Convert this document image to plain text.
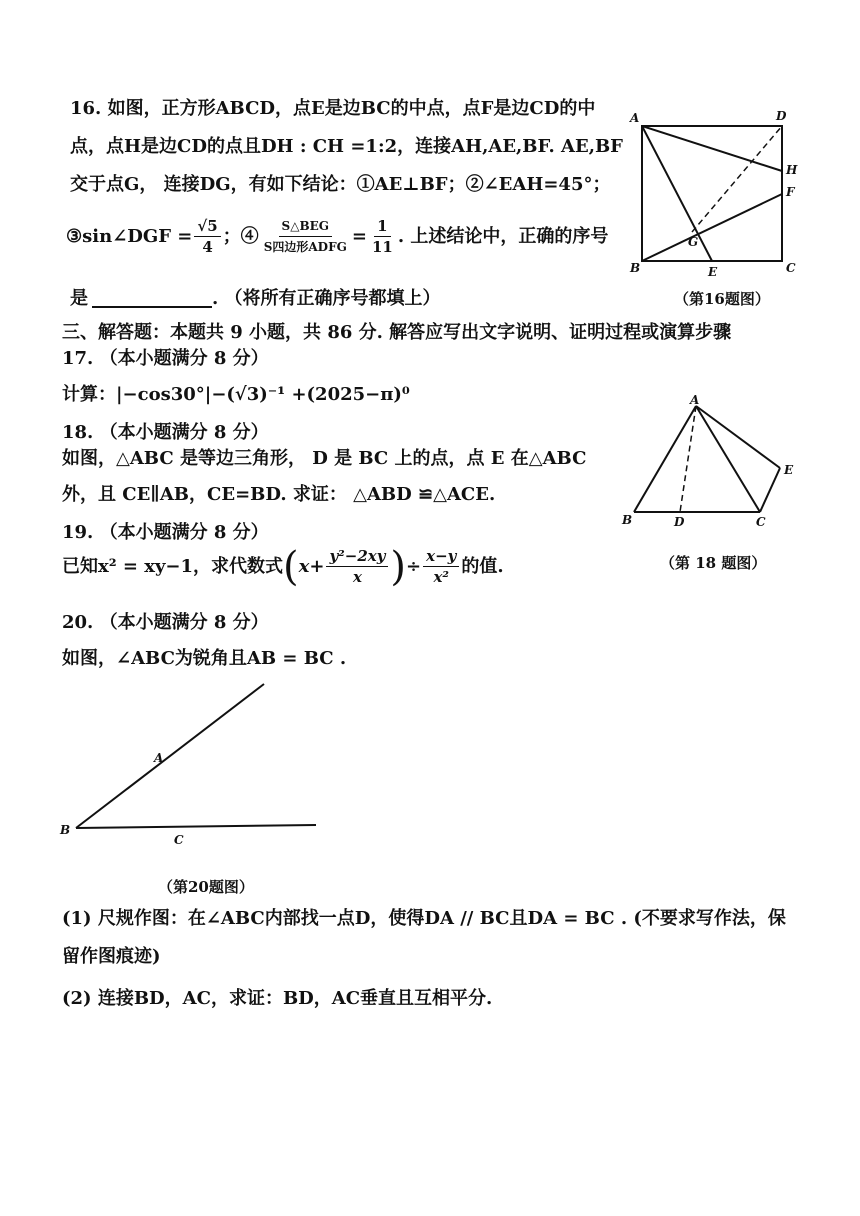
16. 如图，正方形ABCD，点E是边BC的中点，点F是边CD的中
点，点H是边CD的点且DH : CH =1:2，连接AH,AE,BF. AE,BF
交于点G， 连接DG，有如下结论：①AE⊥BF；②∠EAH=45°；
③sin∠DGF = $\frac{√5}{4}$ ；④ $\frac{\text{S△BEG}}{\text{S四边形ADFG}} = \frac{1}{11}$ . 上述结论中，正确的序号
是	. （将所有正确序号都填上）	（第16题图）
A	D
H
F
G
B	E	C
三、解答题：本题共 9 小题，共 86 分. 解答应写出文字说明、证明过程或演算步骤
17. （本小题满分 8 分）
计算：|−cos30°|−(√3)⁻¹ +(2025−π)⁰
18. （本小题满分 8 分）
如图，△ABC 是等边三角形， D 是 BC 上的点，点 E 在△ABC
外，且 CE∥AB，CE=BD. 求证： △ABD ≌△ACE.
（第 18 题图）
A
B	D	C
E
19. （本小题满分 8 分）
已知x² = xy−1，求代数式 ( $x+ \frac{\text{y²−2xy}}{x}$ ) ÷ $\frac{x-y}{\text{x²}}$ 的值.
20. （本小题满分 8 分）
如图，∠ABC为锐角且AB = BC .
A
B
C
（第20题图）
(1) 尺规作图：在∠ABC内部找一点D，使得DA // BC且DA = BC . (不要求写作法，保
留作图痕迹)
(2) 连接BD，AC，求证：BD，AC垂直且互相平分.
